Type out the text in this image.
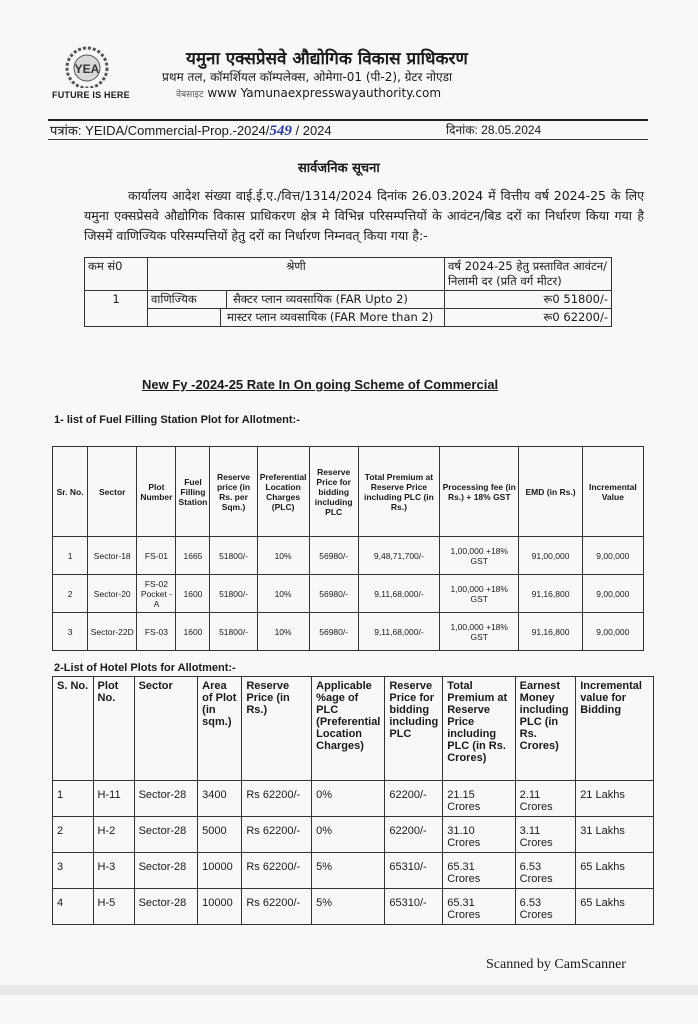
YEA
FUTURE IS HERE
यमुना एक्सप्रेसवे औद्योगिक विकास प्राधिकरण
प्रथम तल, कॉमर्शियल कॉम्पलेक्स, ओमेगा-01 (पी-2), ग्रेटर नोएडा
वेबसाइट www Yamunaexpresswayauthority.com
पत्रांक: YEIDA/Commercial-Prop.-2024/549 / 2024	दिनांक: 28.05.2024
सार्वजनिक सूचना
कार्यालय आदेश संख्या वाई.ई.ए./वित्त/1314/2024 दिनांक 26.03.2024 में वित्तीय वर्ष 2024-25 के लिए यमुना एक्सप्रेसवे औद्योगिक विकास प्राधिकरण क्षेत्र मे विभिन्न परिसम्पत्तियों के आवंटन/बिड दरों का निर्धारण किया गया है जिसमें वाणिज्यिक परिसम्पत्तियों हेतु दरों का निर्धारण निम्नवत् किया गया है:-
कम सं0	श्रेणी	वर्ष 2024-25 हेतु प्रस्तावित आवंटन/निलामी दर (प्रति वर्ग मीटर)
1	वाणिज्यिक सैक्टर प्लान व्यवसायिक (FAR Upto 2)	रू0 51800/-

	मास्टर प्लान व्यवसायिक (FAR More than 2)	रू0 62200/-
New Fy -2024-25 Rate In On going Scheme of Commercial
1- list of Fuel Filling Station Plot for Allotment:-
Sr. No.	Sector	Plot Number	Fuel Filling Station	Reserve price (in Rs. per Sqm.)	Preferential Location Charges (PLC)	Reserve Price for bidding including PLC	Total Premium at Reserve Price including PLC (in Rs.)	Processing fee (in Rs.) + 18% GST	EMD (in Rs.)	Incremental Value
1	Sector-18	FS-01	1665	51800/-	10%	56980/-	9,48,71,700/-	1,00,000 +18% GST	91,00,000	9,00,000
2	Sector-20	FS-02 Pocket -A	1600	51800/-	10%	56980/-	9,11,68,000/-	1,00,000 +18% GST	91,16,800	9,00,000
3	Sector-22D	FS-03	1600	51800/-	10%	56980/-	9,11,68,000/-	1,00,000 +18% GST	91,16,800	9,00,000
2-List of Hotel Plots for Allotment:-
S. No.	Plot No.	Sector	Area of Plot (in sqm.)	Reserve Price (in Rs.)	Applicable %age of PLC (Preferential Location Charges)	Reserve Price for bidding including PLC	Total Premium at Reserve Price including PLC (in Rs. Crores)	Earnest Money including PLC (in Rs. Crores)	Incremental value for Bidding
1	H-11	Sector-28	3400	Rs 62200/-	0%	62200/-	21.15 Crores	2.11 Crores	21 Lakhs
2	H-2	Sector-28	5000	Rs 62200/-	0%	62200/-	31.10 Crores	3.11 Crores	31 Lakhs
3	H-3	Sector-28	10000	Rs 62200/-	5%	65310/-	65.31 Crores	6.53 Crores	65 Lakhs
4	H-5	Sector-28	10000	Rs 62200/-	5%	65310/-	65.31 Crores	6.53 Crores	65 Lakhs
Scanned by CamScanner
